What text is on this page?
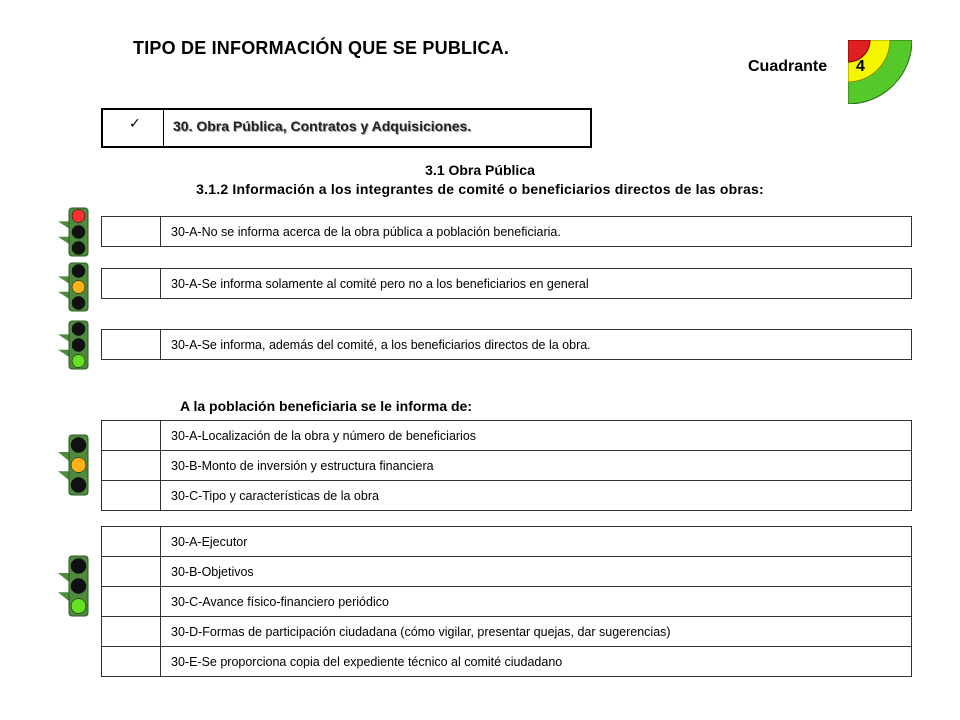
TIPO DE INFORMACIÓN QUE SE PUBLICA.
Cuadrante 4
✓ 30. Obra Pública, Contratos y Adquisiciones.
3.1 Obra Pública
3.1.2 Información a los integrantes de comité o beneficiarios directos de las obras:
	30-A-No se informa acerca de la obra pública a población beneficiaria.
	30-A-Se informa solamente al comité pero no a los beneficiarios en general
	30-A-Se informa, además del comité, a los beneficiarios directos de la obra.
A la población beneficiaria se le informa de:
	30-A-Localización de la obra y número de beneficiarios
	30-B-Monto de inversión y estructura financiera
	30-C-Tipo y características de la obra
	30-A-Ejecutor
	30-B-Objetivos
	30-C-Avance físico-financiero periódico
	30-D-Formas de participación ciudadana (cómo vigilar, presentar quejas, dar sugerencias)
	30-E-Se proporciona copia del expediente técnico al comité ciudadano
